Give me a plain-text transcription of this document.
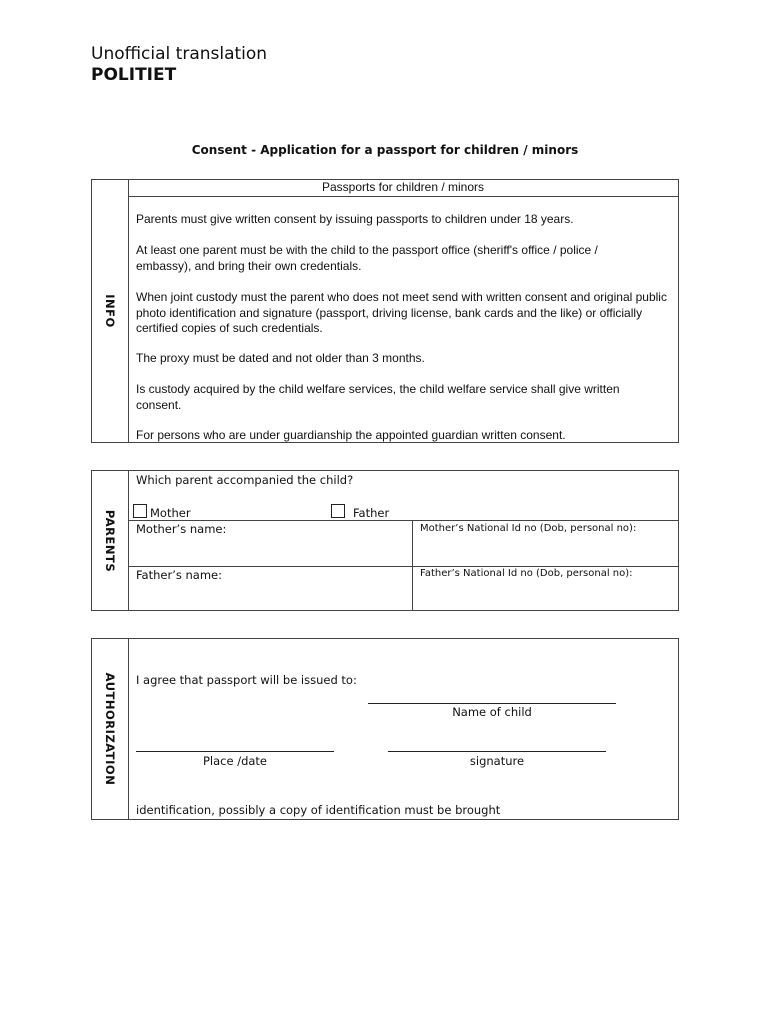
Unofficial translation
POLITIET
Consent - Application for a passport for children / minors
INFO
Passports for children / minors
Parents must give written consent by issuing passports to children under 18 years.
At least one parent must be with the child to the passport office (sheriff's office / police / embassy), and bring their own credentials.
When joint custody must the parent who does not meet send with written consent and original public photo identification and signature (passport, driving license, bank cards and the like) or officially certified copies of such credentials.
The proxy must be dated and not older than 3 months.
Is custody acquired by the child welfare services, the child welfare service shall give written consent.
For persons who are under guardianship the appointed guardian written consent.
PARENTS
Which parent accompanied the child?
Mother	Father
Mother’s name:	Mother’s National Id no (Dob, personal no):
Father’s name:	Father’s National Id no (Dob, personal no):
AUTHORIZATION I agree that passport will be issued to:
Name of child
Place /date	signature
identification, possibly a copy of identification must be brought
